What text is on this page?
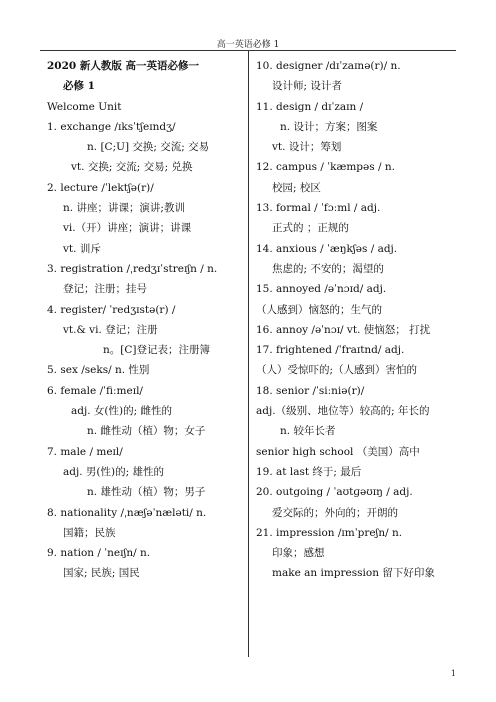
高一英语必修 1
2020 新人教版 高一英语必修一
必修 1
Welcome Unit
1. exchange /ɪksˈtʃeɪndʒ/
n. [C;U] 交换; 交流; 交易
vt. 交换; 交流; 交易; 兑换
2. lecture /ˈlektʃə(r)/
n. 讲座；讲课；演讲;教训
vi.（开）讲座；演讲；讲课
vt. 训斥
3. registration /ˌredʒɪˈstreɪʃn / n.
登记；注册；挂号
4. register/ ˈredʒɪstə(r) /
vt.& vi. 登记；注册
n。[C]登记表；注册簿
5. sex /seks/ n. 性别
6. female /ˈfiːmeɪl/
adj. 女(性)的; 雌性的
n. 雌性动（植）物；女子
7. male / meɪl/
adj. 男(性)的; 雄性的
n. 雄性动（植）物；男子
8. nationality /ˌnæʃəˈnæləti/ n.
国籍；民族
9. nation / ˈneɪʃn/ n.
国家; 民族; 国民
10. designer /dɪˈzaɪnə(r)/ n.
设计师; 设计者
11. design / dɪˈzaɪn /
n. 设计；方案；图案
vt. 设计；筹划
12. campus / ˈkæmpəs / n.
校园; 校区
13. formal / ˈfɔːml / adj.
正式的 ；正规的
14. anxious / ˈæŋkʃəs / adj.
焦虑的; 不安的；渴望的
15. annoyed /əˈnɔɪd/ adj.
（人感到）恼怒的；生气的
16. annoy /əˈnɔɪ/ vt. 使恼怒； 打扰
17. frightened /ˈfraɪtnd/ adj.
（人）受惊吓的;（人感到）害怕的
18. senior /ˈsiːniə(r)/
adj.（级别、地位等）较高的; 年长的
n. 较年长者
senior high school （美国）高中
19. at last 终于; 最后
20. outgoing / ˈaʊtɡəʊɪŋ / adj.
爱交际的；外向的；开朗的
21. impression /ɪmˈpreʃn/ n.
印象；感想
make an impression 留下好印象
1
